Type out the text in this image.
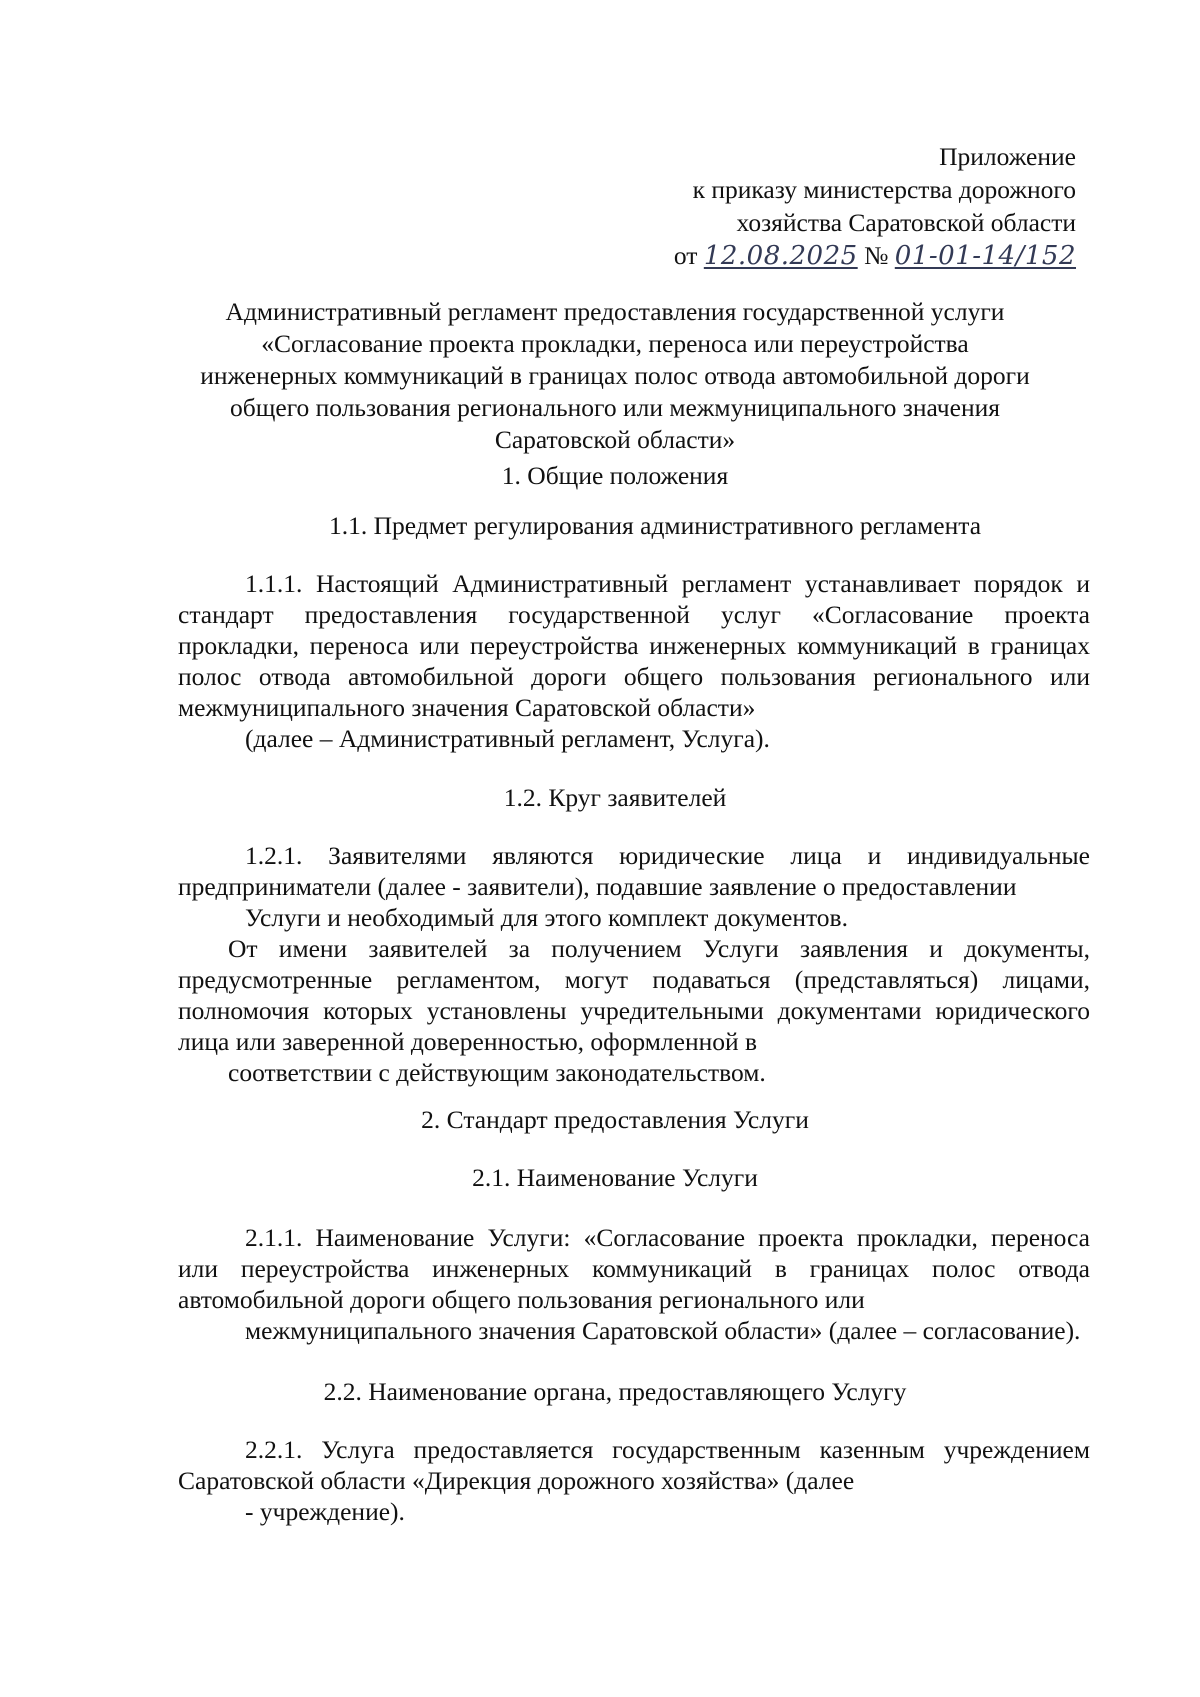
Приложение
к приказу министерства дорожного
хозяйства Саратовской области
от 12.08.2025 № 01-01-14/152
Административный регламент предоставления государственной услуги
«Согласование проекта прокладки, переноса или переустройства
инженерных коммуникаций в границах полос отвода автомобильной дороги
общего пользования регионального или межмуниципального значения
Саратовской области»
1. Общие положения
1.1. Предмет регулирования административного регламента

1.1.1. Настоящий Административный регламент устанавливает порядок и стандарт предоставления государственной услуг «Согласование проекта прокладки, переноса или переустройства инженерных коммуникаций в границах полос отвода автомобильной дороги общего пользования регионального или межмуниципального значения Саратовской области»
(далее – Административный регламент, Услуга).

1.2. Круг заявителей

1.2.1. Заявителями являются юридические лица и индивидуальные предприниматели (далее - заявители), подавшие заявление о предоставлении
Услуги и необходимый для этого комплект документов.

От имени заявителей за получением Услуги заявления и документы, предусмотренные регламентом, могут подаваться (представляться) лицами, полномочия которых установлены учредительными документами юридического лица или заверенной доверенностью, оформленной в
соответствии с действующим законодательством.

2. Стандарт предоставления Услуги
2.1. Наименование Услуги

2.1.1. Наименование Услуги: «Согласование проекта прокладки, переноса или переустройства инженерных коммуникаций в границах полос отвода автомобильной дороги общего пользования регионального или
межмуниципального значения Саратовской области» (далее – согласование).

2.2. Наименование органа, предоставляющего Услугу

2.2.1. Услуга предоставляется государственным казенным учреждением Саратовской области «Дирекция дорожного хозяйства» (далее
- учреждение).
